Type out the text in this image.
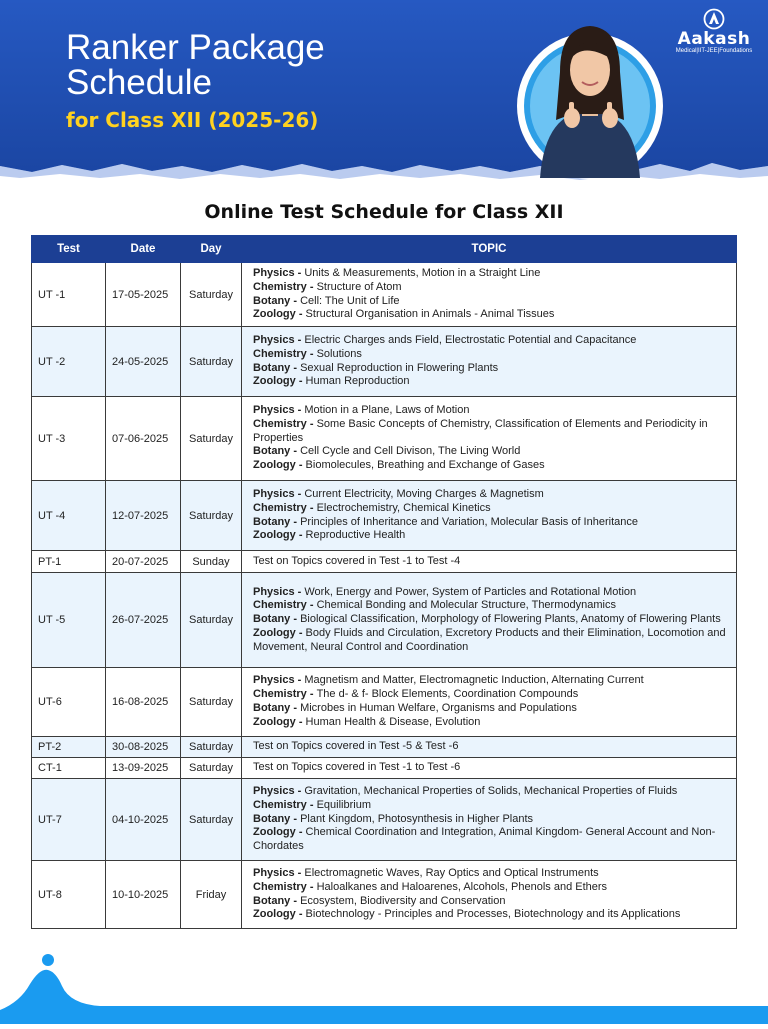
Ranker Package
Schedule
for Class XII (2025-26)
Aakash
Medical|IIT-JEE|Foundations
Online Test Schedule for Class XII
Test	Date	Day	TOPIC
UT -1	17-05-2025	Saturday	Physics - Units & Measurements, Motion in a Straight Line
Chemistry - Structure of Atom
Botany - Cell: The Unit of Life
Zoology - Structural Organisation in Animals - Animal Tissues

UT -2	24-05-2025	Saturday	Physics - Electric Charges ands Field, Electrostatic Potential and Capacitance
Chemistry - Solutions
Botany - Sexual Reproduction in Flowering Plants
Zoology - Human Reproduction

UT -3	07-06-2025	Saturday	Physics - Motion in a Plane, Laws of Motion
Chemistry - Some Basic Concepts of Chemistry, Classification of Elements and Periodicity in Properties
Botany - Cell Cycle and Cell Divison, The Living World
Zoology - Biomolecules, Breathing and Exchange of Gases

UT -4	12-07-2025	Saturday	Physics - Current Electricity, Moving Charges & Magnetism
Chemistry - Electrochemistry, Chemical Kinetics
Botany - Principles of Inheritance and Variation, Molecular Basis of Inheritance
Zoology - Reproductive Health

PT-1	20-07-2025	Sunday	Test on Topics covered in Test -1 to Test -4

UT -5	26-07-2025	Saturday	Physics - Work, Energy and Power, System of Particles and Rotational Motion
Chemistry - Chemical Bonding and Molecular Structure, Thermodynamics
Botany - Biological Classification, Morphology of Flowering Plants, Anatomy of Flowering Plants
Zoology - Body Fluids and Circulation, Excretory Products and their Elimination, Locomotion and Movement, Neural Control and Coordination

UT-6	16-08-2025	Saturday	Physics - Magnetism and Matter, Electromagnetic Induction, Alternating Current
Chemistry - The d- & f- Block Elements, Coordination Compounds
Botany - Microbes in Human Welfare, Organisms and Populations
Zoology - Human Health & Disease, Evolution

PT-2	30-08-2025	Saturday	Test on Topics covered in Test -5 & Test -6

CT-1	13-09-2025	Saturday	Test on Topics covered in Test -1 to Test -6

UT-7	04-10-2025	Saturday	Physics - Gravitation, Mechanical Properties of Solids, Mechanical Properties of Fluids
Chemistry - Equilibrium
Botany - Plant Kingdom, Photosynthesis in Higher Plants
Zoology - Chemical Coordination and Integration, Animal Kingdom- General Account and Non-Chordates

UT-8	10-10-2025	Friday	Physics - Electromagnetic Waves, Ray Optics and Optical Instruments
Chemistry - Haloalkanes and Haloarenes, Alcohols, Phenols and Ethers
Botany - Ecosystem, Biodiversity and Conservation
Zoology - Biotechnology - Principles and Processes, Biotechnology and its Applications
